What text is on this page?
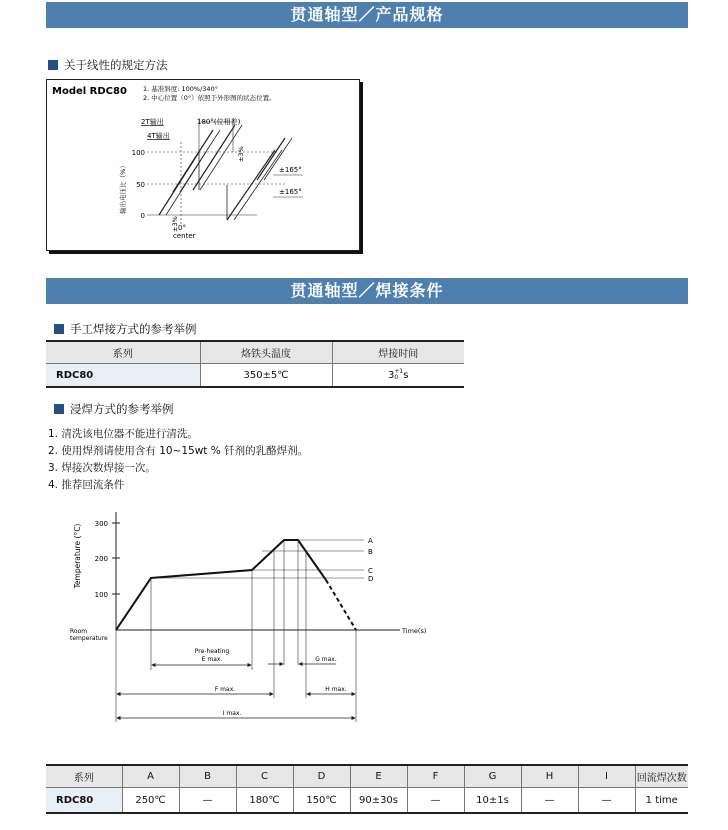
贯通轴型／产品规格
关于线性的规定方法
Model RDC80 1. 基准斜度: 100%/340°
2. 中心位置（0°）依照于外形图的状态位置。
输出电压比（%）
100
50
0
2T输出
4T输出
180°(位相差)
±3%
±3%
±165°
±165°
0°
center
贯通轴型／焊接条件
手工焊接方式的参考举例
系列	烙铁头温度	焊接时间
RDC80	350±5℃	3 +1
0 s
浸焊方式的参考举例
1. 清洗该电位器不能进行清洗。
2. 使用焊剂请使用含有 10~15wt % 钎剂的乳酪焊剂。
3. 焊接次数焊接一次。
4. 推荐回流条件
300
200
100
Temperature (°C)
Room
temperature
Time(s)
A
B
C
D
Pre-heating
E max.	G max.
F max.	H max.
I max.
系列	A	B	C	D	E	F	G	H	I	回流焊次数
RDC80	250℃	—	180℃	150℃	90±30s	—	10±1s	—	—	1 time
